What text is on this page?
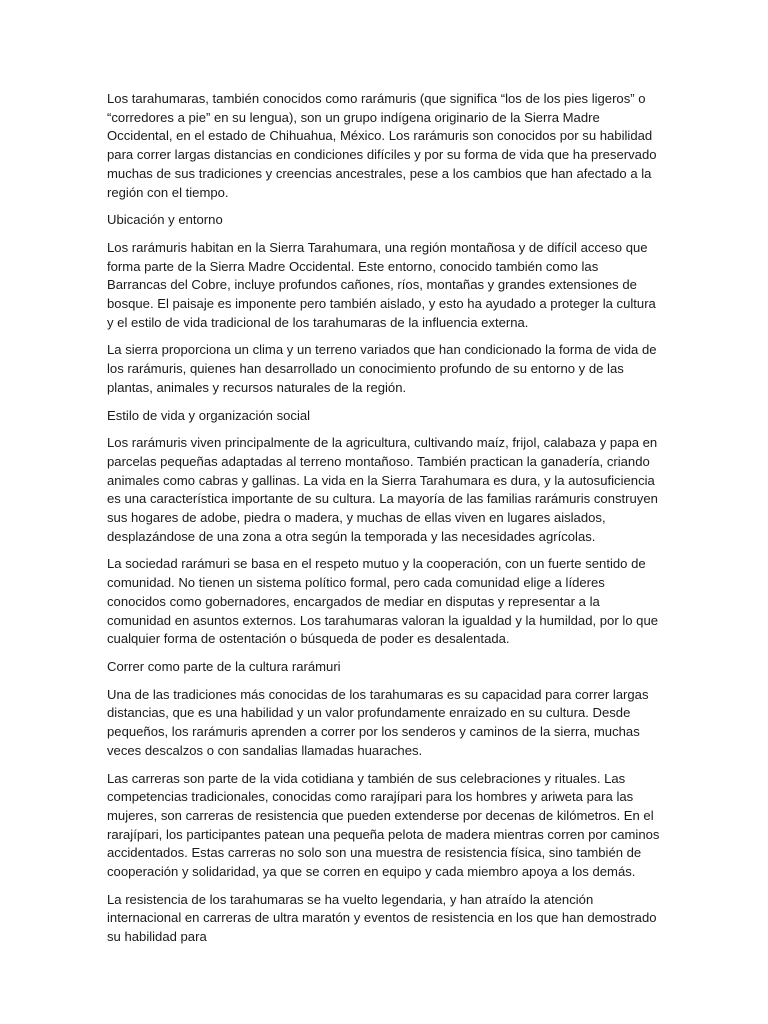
Los tarahumaras, también conocidos como rarámuris (que significa “los de los pies ligeros” o “corredores a pie” en su lengua), son un grupo indígena originario de la Sierra Madre Occidental, en el estado de Chihuahua, México. Los rarámuris son conocidos por su habilidad para correr largas distancias en condiciones difíciles y por su forma de vida que ha preservado muchas de sus tradiciones y creencias ancestrales, pese a los cambios que han afectado a la región con el tiempo.

Ubicación y entorno

Los rarámuris habitan en la Sierra Tarahumara, una región montañosa y de difícil acceso que forma parte de la Sierra Madre Occidental. Este entorno, conocido también como las Barrancas del Cobre, incluye profundos cañones, ríos, montañas y grandes extensiones de bosque. El paisaje es imponente pero también aislado, y esto ha ayudado a proteger la cultura y el estilo de vida tradicional de los tarahumaras de la influencia externa.

La sierra proporciona un clima y un terreno variados que han condicionado la forma de vida de los rarámuris, quienes han desarrollado un conocimiento profundo de su entorno y de las plantas, animales y recursos naturales de la región.

Estilo de vida y organización social

Los rarámuris viven principalmente de la agricultura, cultivando maíz, frijol, calabaza y papa en parcelas pequeñas adaptadas al terreno montañoso. También practican la ganadería, criando animales como cabras y gallinas. La vida en la Sierra Tarahumara es dura, y la autosuficiencia es una característica importante de su cultura. La mayoría de las familias rarámuris construyen sus hogares de adobe, piedra o madera, y muchas de ellas viven en lugares aislados, desplazándose de una zona a otra según la temporada y las necesidades agrícolas.

La sociedad rarámuri se basa en el respeto mutuo y la cooperación, con un fuerte sentido de comunidad. No tienen un sistema político formal, pero cada comunidad elige a líderes conocidos como gobernadores, encargados de mediar en disputas y representar a la comunidad en asuntos externos. Los tarahumaras valoran la igualdad y la humildad, por lo que cualquier forma de ostentación o búsqueda de poder es desalentada.

Correr como parte de la cultura rarámuri

Una de las tradiciones más conocidas de los tarahumaras es su capacidad para correr largas distancias, que es una habilidad y un valor profundamente enraizado en su cultura. Desde pequeños, los rarámuris aprenden a correr por los senderos y caminos de la sierra, muchas veces descalzos o con sandalias llamadas huaraches.

Las carreras son parte de la vida cotidiana y también de sus celebraciones y rituales. Las competencias tradicionales, conocidas como rarajípari para los hombres y ariweta para las mujeres, son carreras de resistencia que pueden extenderse por decenas de kilómetros. En el rarajípari, los participantes patean una pequeña pelota de madera mientras corren por caminos accidentados. Estas carreras no solo son una muestra de resistencia física, sino también de cooperación y solidaridad, ya que se corren en equipo y cada miembro apoya a los demás.

La resistencia de los tarahumaras se ha vuelto legendaria, y han atraído la atención internacional en carreras de ultra maratón y eventos de resistencia en los que han demostrado su habilidad para
